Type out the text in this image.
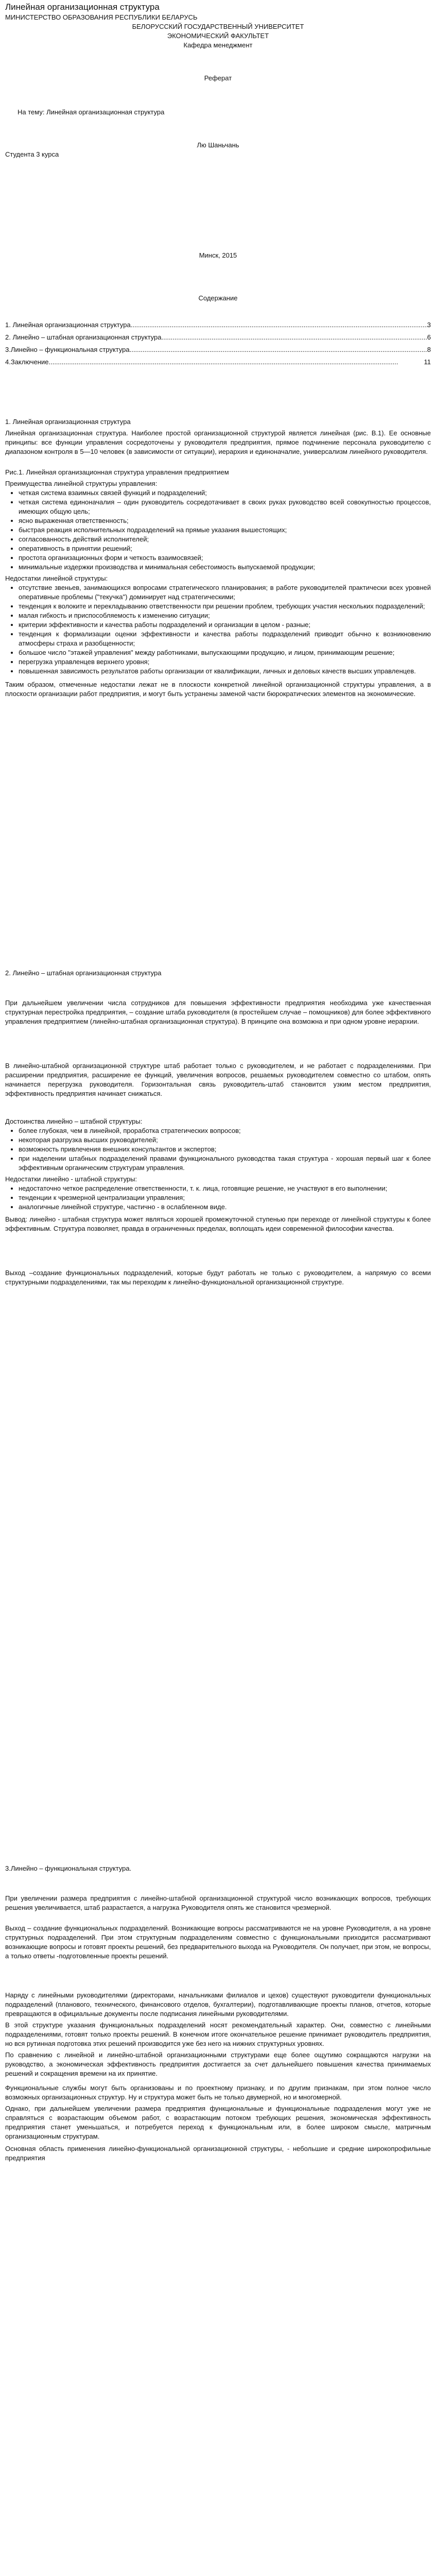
Линейная организационная структура

МИНИСТЕРСТВО ОБРАЗОВАНИЯ РЕСПУБЛИКИ БЕЛАРУСЬ

БЕЛОРУССКИЙ ГОСУДАРСТВЕННЫЙ УНИВЕРСИТЕТ

ЭКОНОМИЧЕСКИЙ ФАКУЛЬТЕТ

Кафедра менеджмент

Реферат

На тему: Линейная организационная структура

Лю Шаньчань

Студента 3 курса

Минск, 2015

Содержание

1. Линейная организационная структура .....	3
2. Линейно – штабная организационная структура .....	6
3.Линейно – функциональная структура .....	8
4.Заключение .....	11

1. Линейная организационная структура

Линейная организационная структура. Наиболее простой организационной структурой является линейная (рис. В.1). Ее основные принципы: все функции управления сосредоточены у руководителя предприятия, прямое подчинение персонала руководителю с диапазоном контроля в 5—10 человек (в зависимости от ситуации), иерархия и единоначалие, универсализм линейного руководителя.

Рис.1. Линейная организационная структура управления предприятием

Преимущества линейной структуры управления:

• четкая система взаимных связей функций и подразделений;
• четкая система единоначалия – один руководитель сосредотачивает в своих руках руководство всей совокупностью процессов, имеющих общую цель;
• ясно выраженная ответственность;
• быстрая реакция исполнительных подразделений на прямые указания вышестоящих;
• согласованность действий исполнителей;
• оперативность в принятии решений;
• простота организационных форм и четкость взаимосвязей;
• минимальные издержки производства и минимальная себестоимость выпускаемой продукции;

Недостатки линейной структуры:

• отсутствие звеньев, занимающихся вопросами стратегического планирования; в работе руководителей практически всех уровней оперативные проблемы ("текучка") доминирует над стратегическими;
• тенденция к волоките и перекладыванию ответственности при решении проблем, требующих участия нескольких подразделений;
• малая гибкость и приспособляемость к изменению ситуации;
• критерии эффективности и качества работы подразделений и организации в целом - разные;
• тенденция к формализации оценки эффективности и качества работы подразделений приводит обычно к возникновению атмосферы страха и разобщенности;
• большое число "этажей управления" между работниками, выпускающими продукцию, и лицом, принимающим решение;
• перегрузка управленцев верхнего уровня;
• повышенная зависимость результатов работы организации от квалификации, личных и деловых качеств высших управленцев.

Таким образом, отмеченные недостатки лежат не в плоскости конкретной линейной организационной структуры управления, а в плоскости организации работ предприятия, и могут быть устранены заменой части бюрократических элементов на экономические.

2. Линейно – штабная организационная структура

При дальнейшем увеличении числа сотрудников для повышения эффективности предприятия необходима уже качественная структурная перестройка предприятия, – создание штаба руководителя (в простейшем случае – помощников) для более эффективного управления предприятием (линейно-штабная организационная структура). В принципе она возможна и при одном уровне иерархии.

В линейно-штабной организационной структуре штаб работает только с руководителем, и не работает с подразделениями. При расширении предприятия, расширение ее функций, увеличения вопросов, решаемых руководителем совместно со штабом, опять начинается перегрузка руководителя. Горизонтальная связь руководитель-штаб становится узким местом предприятия, эффективность предприятия начинает снижаться.

Достоинства линейно – штабной структуры:

• более глубокая, чем в линейной, проработка стратегических вопросов;
• некоторая разгрузка высших руководителей;
• возможность привлечения внешних консультантов и экспертов;
• при наделении штабных подразделений правами функционального руководства такая структура - хорошая первый шаг к более эффективным органическим структурам управления.

Недостатки линейно - штабной структуры:

• недостаточно четкое распределение ответственности, т. к. лица, готовящие решение, не участвуют в его выполнении;
• тенденции к чрезмерной централизации управления;
• аналогичные линейной структуре, частично - в ослабленном виде.

Вывод: линейно - штабная структура может являться хорошей промежуточной ступенью при переходе от линейной структуры к более эффективным. Структура позволяет, правда в ограниченных пределах, воплощать идеи современной философии качества.

Выход –создание функциональных подразделений, которые будут работать не только с руководителем, а напрямую со всеми структурными подразделениями, так мы переходим к линейно-функциональной организационной структуре.

3.Линейно – функциональная структура.

При увеличении размера предприятия с линейно-штабной организационной структурой число возникающих вопросов, требующих решения увеличивается, штаб разрастается, а нагрузка Руководителя опять же становится чрезмерной.

Выход – создание функциональных подразделений. Возникающие вопросы рассматриваются не на уровне Руководителя, а на уровне структурных подразделений. При этом структурным подразделениям совместно с функциональными приходится рассматривают возникающие вопросы и готовят проекты решений, без предварительного выхода на Руководителя. Он получает, при этом, не вопросы, а только ответы -подготовленные проекты решений.

Наряду с линейными руководителями (директорами, начальниками филиалов и цехов) существуют руководители функциональных подразделений (планового, технического, финансового отделов, бухгалтерии), подготавливающие проекты планов, отчетов, которые превращаются в официальные документы после подписания линейными руководителями.

В этой структуре указания функциональных подразделений носят рекомендательный характер. Они, совместно с линейными подразделениями, готовят только проекты решений. В конечном итоге окончательное решение принимает руководитель предприятия, но вся рутинная подготовка этих решений производится уже без него на нижних структурных уровнях.

По сравнению с линейной и линейно-штабной организационными структурами еще более ощутимо сокращаются нагрузки на руководство, а экономическая эффективность предприятия достигается за счет дальнейшего повышения качества принимаемых решений и сокращения времени на их принятие.

Функциональные службы могут быть организованы и по проектному признаку, и по другим признакам, при этом полное число возможных организационных структур. Ну и структура может быть не только двумерной, но и многомерной.

Однако, при дальнейшем увеличении размера предприятия функциональные и функциональные подразделения могут уже не справляться с возрастающим объемом работ, с возрастающим потоком требующих решения, экономическая эффективность предприятия станет уменьшаться, и потребуется переход к функциональным или, в более широком смысле, матричным организационным структурам.

Основная область применения линейно-функциональной организационной структуры, - небольшие и средние широкопрофильные предприятия
